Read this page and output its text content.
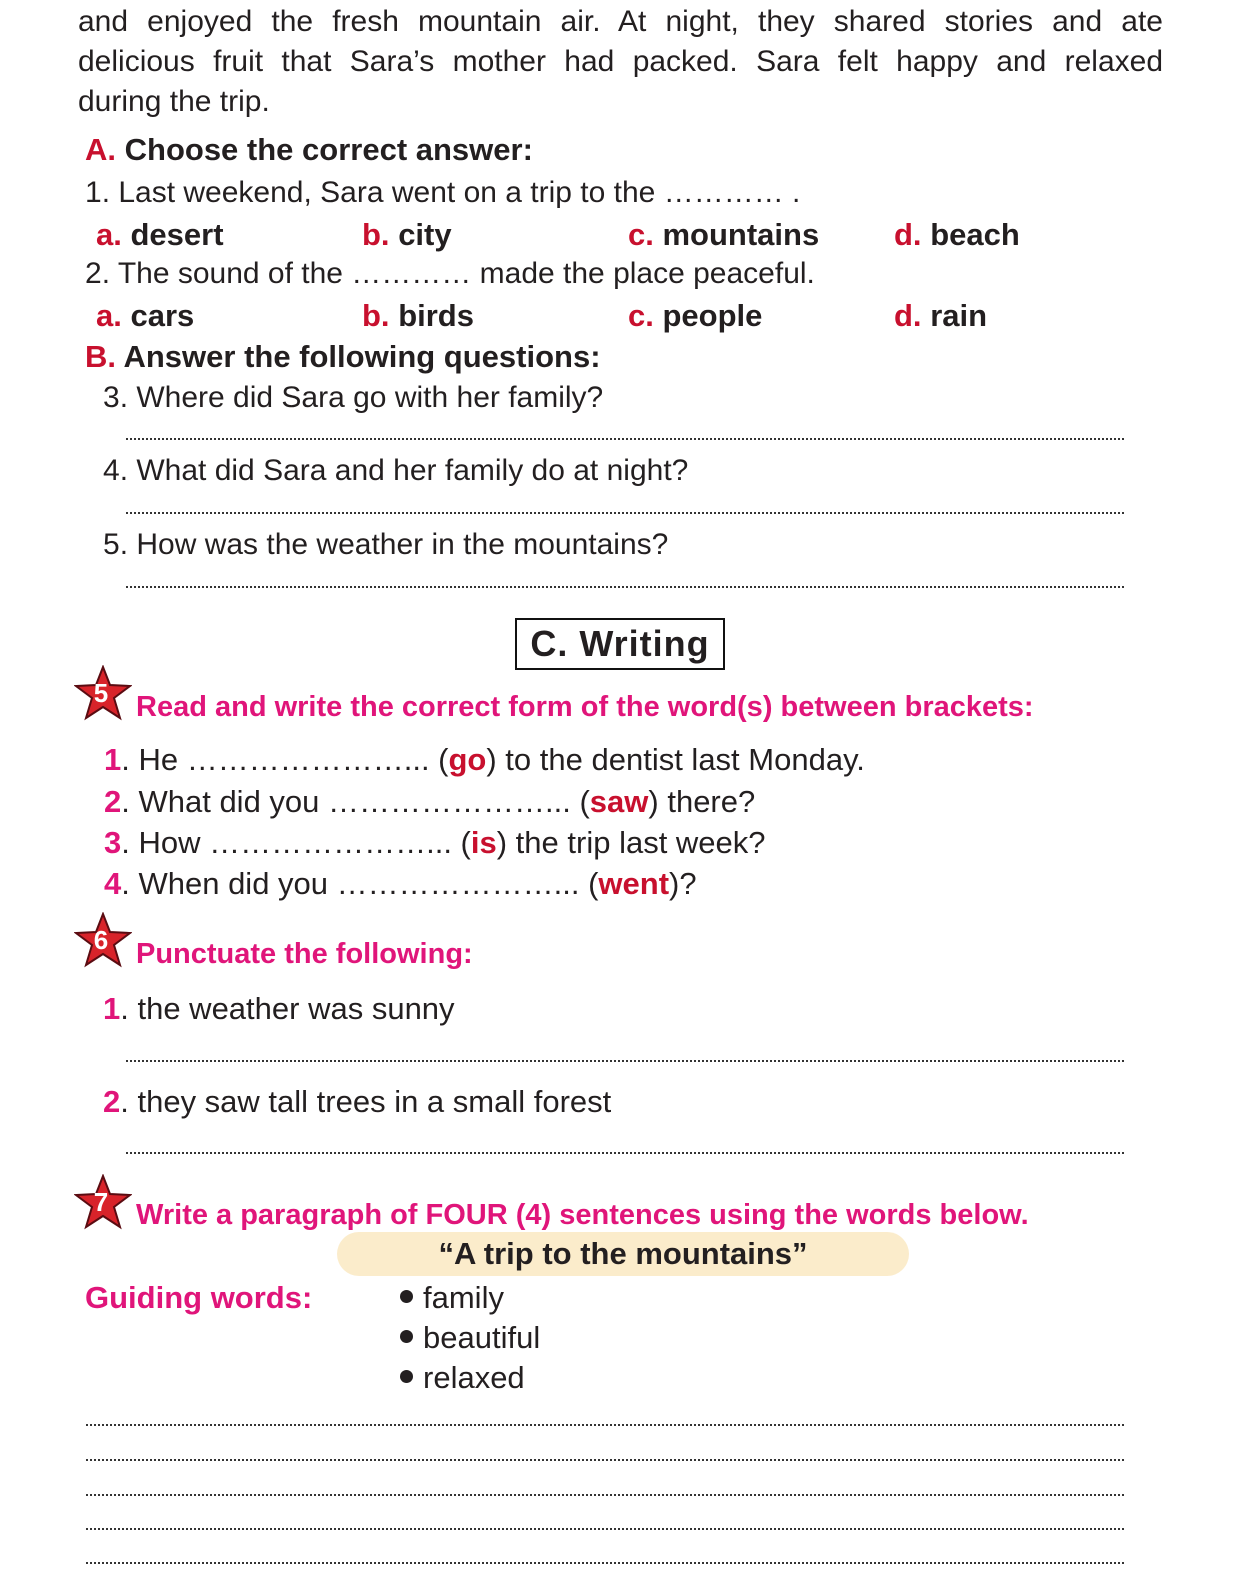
and enjoyed the fresh mountain air. At night, they shared stories and ate
delicious fruit that Sara’s mother had packed. Sara felt happy and relaxed
during the trip.
A. Choose the correct answer:
1. Last weekend, Sara went on a trip to the ………… .
a. desert	b. city	c. mountains d. beach
2. The sound of the ………… made the place peaceful.
a. cars	b. birds	c. people	d. rain
B. Answer the following questions:
3. Where did Sara go with her family?
4. What did Sara and her family do at night?
5. How was the weather in the mountains?
C. Writing
5 Read and write the correct form of the word(s) between brackets:
1. He …………………... (go) to the dentist last Monday.
2. What did you …………………... (saw) there?
3. How …………………... (is) the trip last week?
4. When did you …………………... (went)?
6 Punctuate the following:
1. the weather was sunny
2. they saw tall trees in a small forest
7 Write a paragraph of FOUR (4) sentences using the words below.
“A trip to the mountains”
Guiding words:	family
beautiful
relaxed
